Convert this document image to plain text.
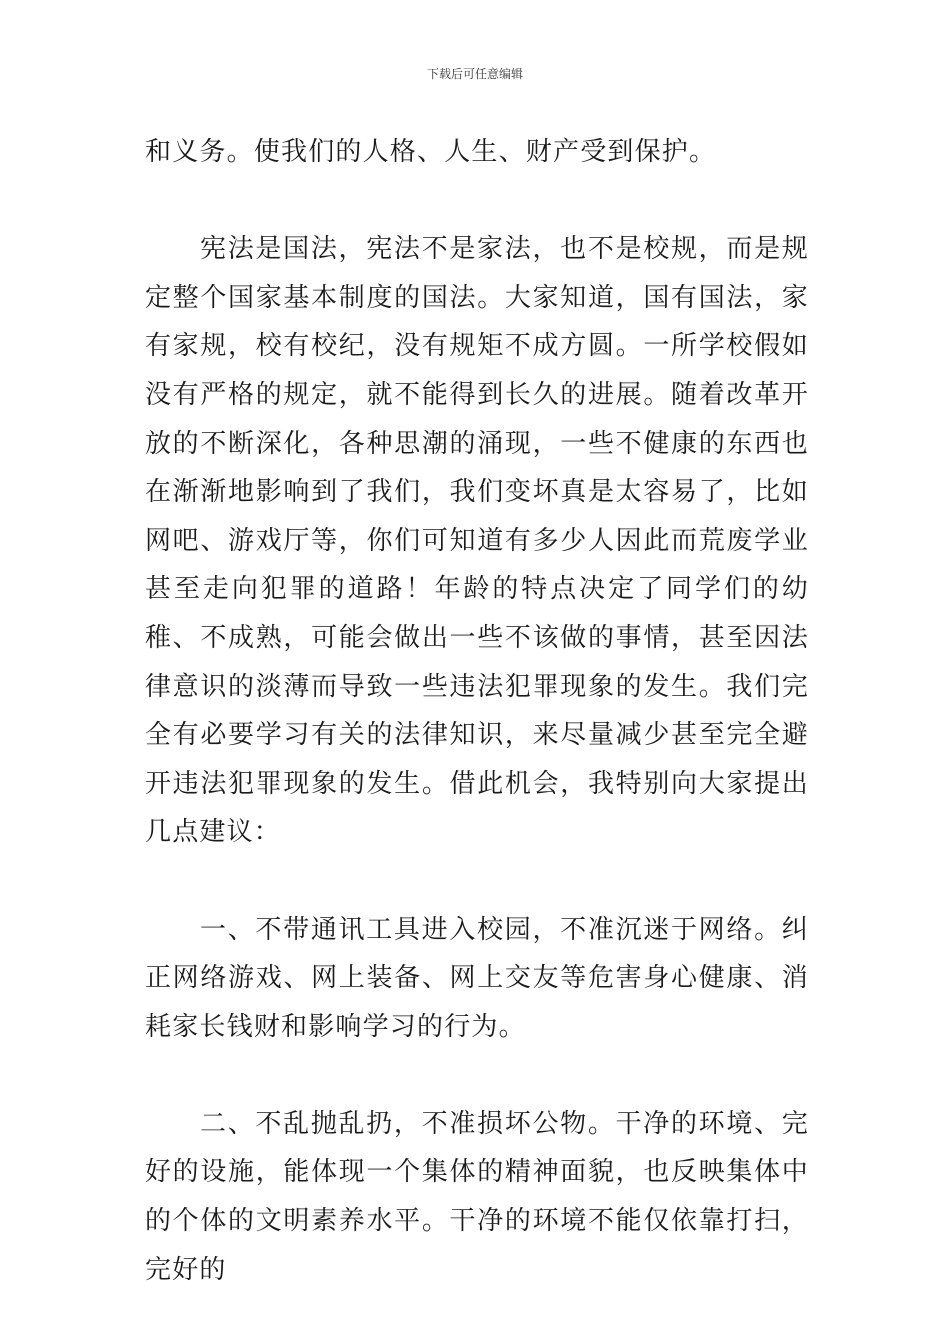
下载后可任意编辑

和义务。使我们的人格、人生、财产受到保护。

宪法是国法，宪法不是家法，也不是校规，而是规定整个国家基本制度的国法。大家知道，国有国法，家有家规，校有校纪，没有规矩不成方圆。一所学校假如没有严格的规定，就不能得到长久的进展。随着改革开放的不断深化，各种思潮的涌现，一些不健康的东西也在渐渐地影响到了我们，我们变坏真是太容易了，比如网吧、游戏厅等，你们可知道有多少人因此而荒废学业甚至走向犯罪的道路！年龄的特点决定了同学们的幼稚、不成熟，可能会做出一些不该做的事情，甚至因法律意识的淡薄而导致一些违法犯罪现象的发生。我们完全有必要学习有关的法律知识，来尽量减少甚至完全避开违法犯罪现象的发生。借此机会，我特别向大家提出几点建议：

一、不带通讯工具进入校园，不准沉迷于网络。纠正网络游戏、网上装备、网上交友等危害身心健康、消耗家长钱财和影响学习的行为。

二、不乱抛乱扔，不准损坏公物。干净的环境、完好的设施，能体现一个集体的精神面貌，也反映集体中的个体的文明素养水平。干净的环境不能仅依靠打扫，完好的
